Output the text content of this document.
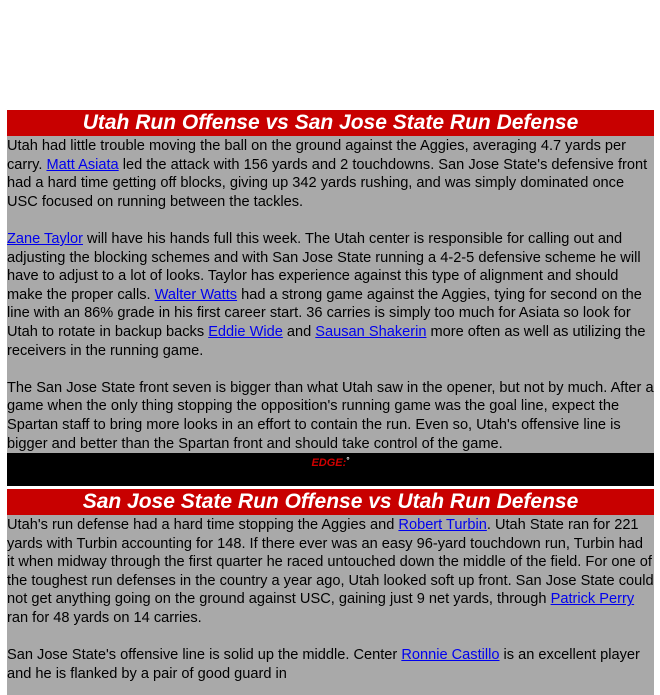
Utah Run Offense vs San Jose State Run Defense

Utah had little trouble moving the ball on the ground against the Aggies, averaging 4.7 yards per carry. Matt Asiata led the attack with 156 yards and 2 touchdowns. San Jose State's defensive front had a hard time getting off blocks, giving up 342 yards rushing, and was simply dominated once USC focused on running between the tackles.

Zane Taylor will have his hands full this week. The Utah center is responsible for calling out and adjusting the blocking schemes and with San Jose State running a 4-2-5 defensive scheme he will have to adjust to a lot of looks. Taylor has experience against this type of alignment and should make the proper calls. Walter Watts had a strong game against the Aggies, tying for second on the line with an 86% grade in his first career start. 36 carries is simply too much for Asiata so look for Utah to rotate in backup backs Eddie Wide and Sausan Shakerin more often as well as utilizing the receivers in the running game.

The San Jose State front seven is bigger than what Utah saw in the opener, but not by much. After a game when the only thing stopping the opposition's running game was the goal line, expect the Spartan staff to bring more looks in an effort to contain the run. Even so, Utah's offensive line is bigger and better than the Spartan front and should take control of the game.

EDGE:°
San Jose State Run Offense vs Utah Run Defense

Utah's run defense had a hard time stopping the Aggies and Robert Turbin. Utah State ran for 221 yards with Turbin accounting for 148. If there ever was an easy 96-yard touchdown run, Turbin had it when midway through the first quarter he raced untouched down the middle of the field. For one of the toughest run defenses in the country a year ago, Utah looked soft up front. San Jose State could not get anything going on the ground against USC, gaining just 9 net yards, through Patrick Perry ran for 48 yards on 14 carries.

San Jose State's offensive line is solid up the middle. Center Ronnie Castillo is an excellent player and he is flanked by a pair of good guard in
